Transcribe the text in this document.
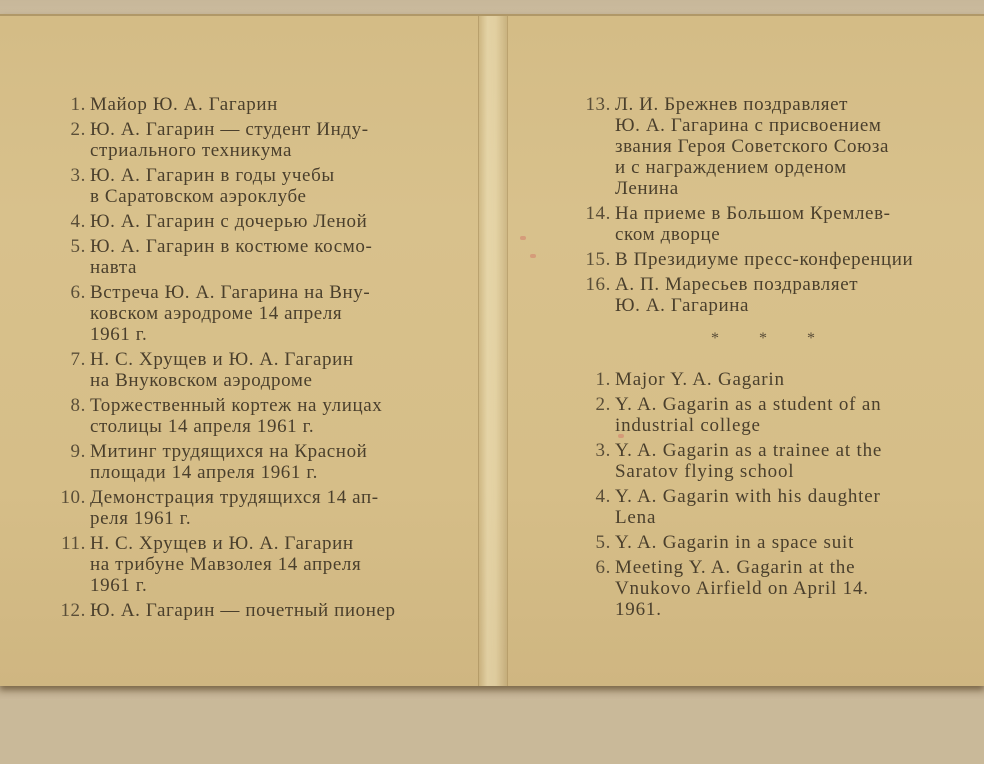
1. Майор Ю. А. Гагарин
2. Ю. А. Гагарин — студент Инду-
стриального техникума
3. Ю. А. Гагарин в годы учебы
в Саратовском аэроклубе
4. Ю. А. Гагарин с дочерью Леной
5. Ю. А. Гагарин в костюме космо-
навта
6. Встреча Ю. А. Гагарина на Вну-
ковском аэродроме 14 апреля
1961 г.
7. Н. С. Хрущев и Ю. А. Гагарин
на Внуковском аэродроме
8. Торжественный кортеж на улицах
столицы 14 апреля 1961 г.
9. Митинг трудящихся на Красной
площади 14 апреля 1961 г.
10. Демонстрация трудящихся 14 ап-
реля 1961 г.
11. Н. С. Хрущев и Ю. А. Гагарин
на трибуне Мавзолея 14 апреля
1961 г.
12. Ю. А. Гагарин — почетный пионер
13. Л. И. Брежнев поздравляет
Ю. А. Гагарина с присвоением
звания Героя Советского Союза
и с награждением орденом
Ленина
14. На приеме в Большом Кремлев-
ском дворце
15. В Президиуме пресс-конференции
16. А. П. Маресьев поздравляет
Ю. А. Гагарина
* * *
1. Major Y. A. Gagarin
2. Y. A. Gagarin as a student of an
industrial college
3. Y. A. Gagarin as a trainee at the
Saratov flying school
4. Y. A. Gagarin with his daughter
Lena
5. Y. A. Gagarin in a space suit
6. Meeting Y. A. Gagarin at the
Vnukovo Airfield on April 14.
1961.
